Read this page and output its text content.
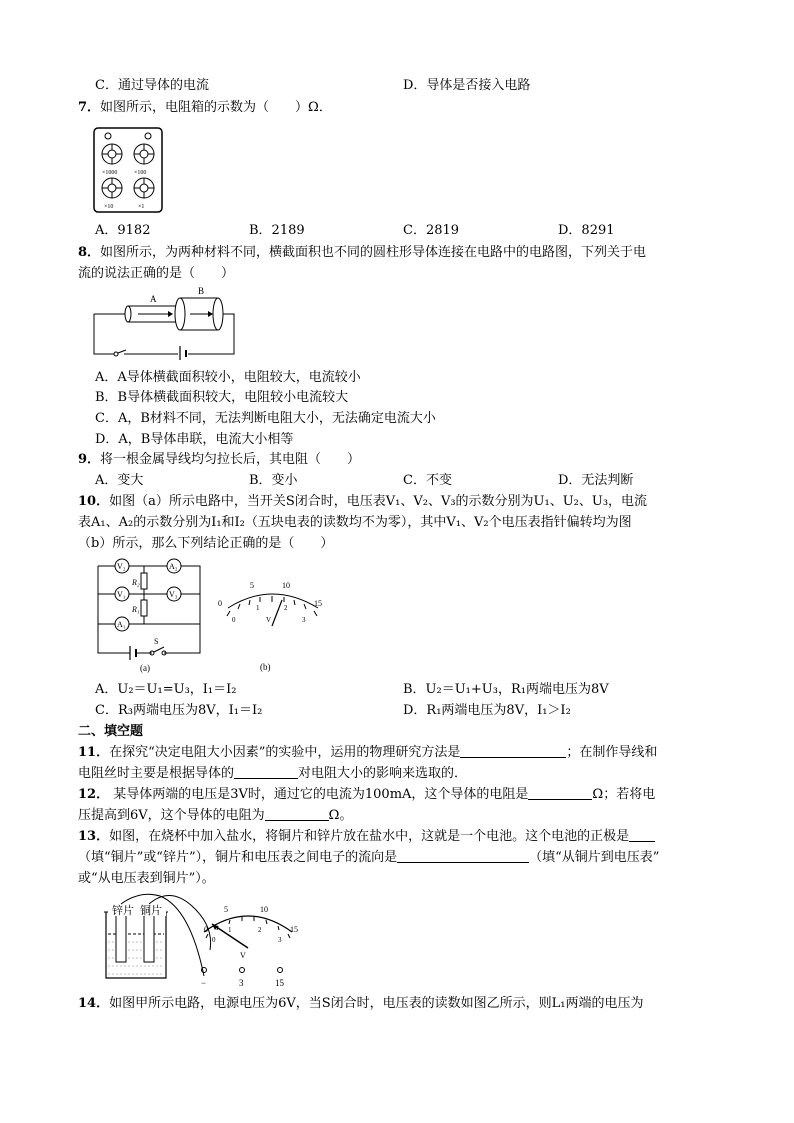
C．通过导体的电流	D．导体是否接入电路
7．如图所示，电阻箱的示数为（　　）Ω．
×1000	×100
×10	×1
A．9182	B．2189	C．2819	D．8291
8．如图所示，为两种材料不同，横截面积也不同的圆柱形导体连接在电路中的电路图，下列关于电
流的说法正确的是（　　）
A
B
A．A导体横截面积较小，电阻较大，电流较小
B．B导体横截面积较大，电阻较小电流较大
C．A，B材料不同，无法判断电阻大小，无法确定电流大小
D．A，B导体串联，电流大小相等
9．将一根金属导线均匀拉长后，其电阻（　　）
A．变大	B．变小	C．不变	D．无法判断
10．如图（a）所示电路中，当开关S闭合时，电压表V₁、V₂、V₃的示数分别为U₁、U₂、U₃，电流
表A₁、A₂的示数分别为I₁和I₂（五块电表的读数均不为零），其中V₁、V₂个电压表指针偏转均为图
（b）所示，那么下列结论正确的是（　　）
V₂	A₂
V₁	V₃
A₁
R₂
R₁
S
(a)
0
5	10
15
0
1	2
3
V
(b)
A．U₂＝U₁=U₃，I₁＝I₂	B．U₂＝U₁+U₃，R₁两端电压为8V
C．R₃两端电压为8V，I₁＝I₂	D．R₁两端电压为8V，I₁＞I₂
二、填空题
11．在探究“决定电阻大小因素”的实验中，运用的物理研究方法是	；在制作导线和
电阻丝时主要是根据导体的	对电阻大小的影响来选取的．
12． 某导体两端的电压是3V时，通过它的电流为100mA，这个导体的电阻是	Ω；若将电
压提高到6V，这个导体的电阻为	Ω。
13．如图，在烧杯中加入盐水，将铜片和锌片放在盐水中，这就是一个电池。这个电池的正极是
（填“铜片”或“锌片”），铜片和电压表之间电子的流向是	（填“从铜片到电压表”
或“从电压表到铜片”）。
锌片 铜片
0
5	10
15
0
1	2
3
V
−	3	15
14．如图甲所示电路，电源电压为6V，当S闭合时，电压表的读数如图乙所示，则L₁两端的电压为
